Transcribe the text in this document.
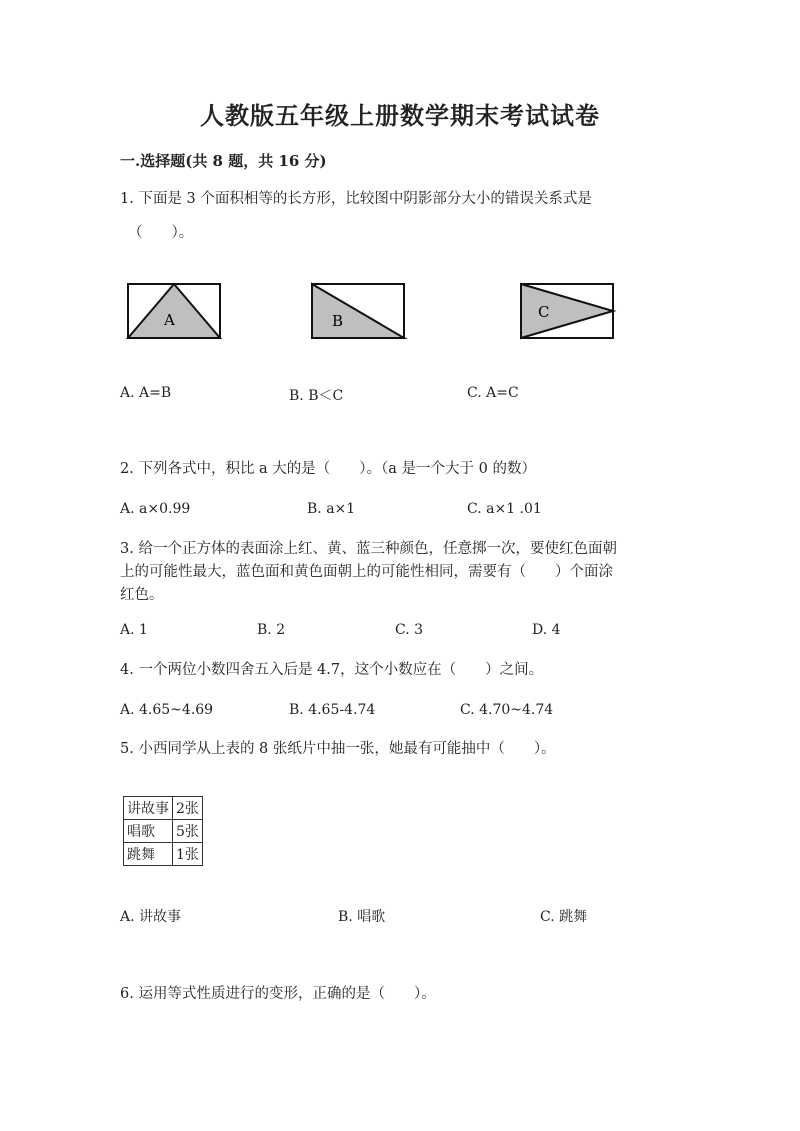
人教版五年级上册数学期末考试试卷
一.选择题(共 8 题，共 16 分)
1. 下面是 3 个面积相等的长方形，比较图中阴影部分大小的错误关系式是
（　　）。
A	B	C
A. A=B	B. B＜C	C. A=C
2. 下列各式中，积比 a 大的是（　　）。（a 是一个大于 0 的数）
A. a×0.99	B. a×1	C. a×1 .01
3. 给一个正方体的表面涂上红、黄、蓝三种颜色，任意掷一次，要使红色面朝
上的可能性最大，蓝色面和黄色面朝上的可能性相同，需要有（　　）个面涂
红色。
A. 1	B. 2	C. 3	D. 4
4. 一个两位小数四舍五入后是 4.7，这个小数应在（　　）之间。
A. 4.65~4.69	B. 4.65-4.74	C. 4.70~4.74
5. 小西同学从上表的 8 张纸片中抽一张，她最有可能抽中（　　）。
讲故事	2张
唱歌	5张
跳舞	1张
A. 讲故事	B. 唱歌	C. 跳舞
6. 运用等式性质进行的变形，正确的是（　　）。
